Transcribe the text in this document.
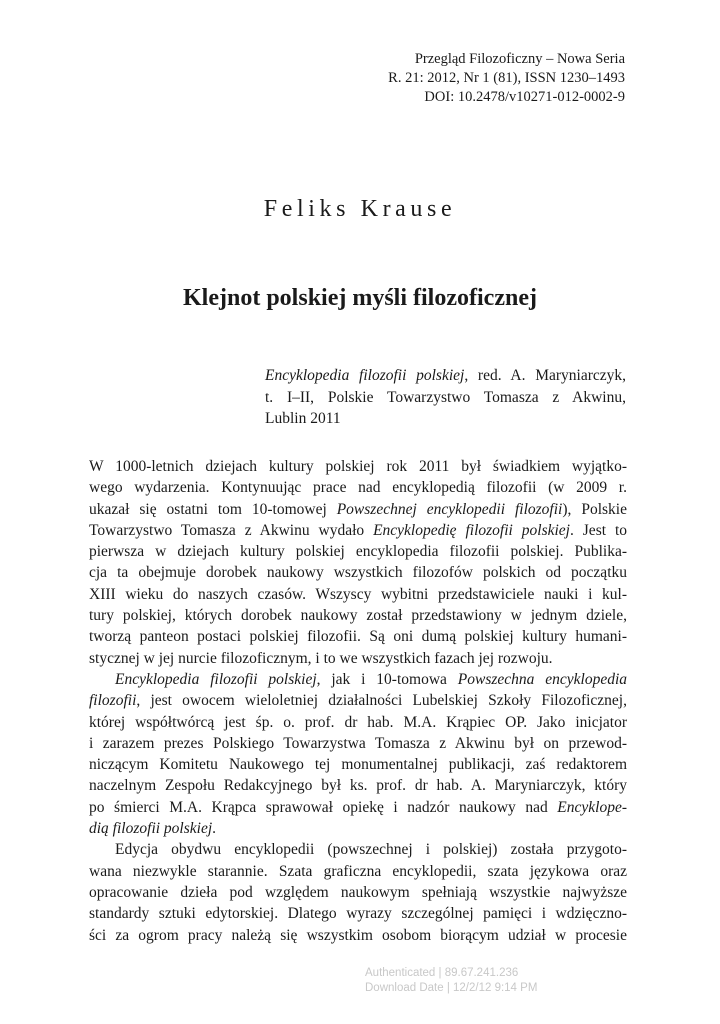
Przegląd Filozoficzny – Nowa Seria
R. 21: 2012, Nr 1 (81), ISSN 1230–1493
DOI: 10.2478/v10271-012-0002-9
Feliks Krause
Klejnot polskiej myśli filozoficznej
Encyklopedia filozofii polskiej, red. A. Maryniarczyk,
t. I–II, Polskie Towarzystwo Tomasza z Akwinu,
Lublin 2011
W 1000-letnich dziejach kultury polskiej rok 2011 był świadkiem wyjątko-
wego wydarzenia. Kontynuując prace nad encyklopedią filozofii (w 2009 r.
ukazał się ostatni tom 10-tomowej Powszechnej encyklopedii filozofii), Polskie
Towarzystwo Tomasza z Akwinu wydało Encyklopedię filozofii polskiej. Jest to
pierwsza w dziejach kultury polskiej encyklopedia filozofii polskiej. Publika-
cja ta obejmuje dorobek naukowy wszystkich filozofów polskich od początku
XIII wieku do naszych czasów. Wszyscy wybitni przedstawiciele nauki i kul-
tury polskiej, których dorobek naukowy został przedstawiony w jednym dziele,
tworzą panteon postaci polskiej filozofii. Są oni dumą polskiej kultury humani-
stycznej w jej nurcie filozoficznym, i to we wszystkich fazach jej rozwoju.
Encyklopedia filozofii polskiej, jak i 10-tomowa Powszechna encyklopedia
filozofii, jest owocem wieloletniej działalności Lubelskiej Szkoły Filozoficznej,
której współtwórcą jest śp. o. prof. dr hab. M.A. Krąpiec OP. Jako inicjator
i zarazem prezes Polskiego Towarzystwa Tomasza z Akwinu był on przewod-
niczącym Komitetu Naukowego tej monumentalnej publikacji, zaś redaktorem
naczelnym Zespołu Redakcyjnego był ks. prof. dr hab. A. Maryniarczyk, który
po śmierci M.A. Krąpca sprawował opiekę i nadzór naukowy nad Encyklope-
dią filozofii polskiej.
Edycja obydwu encyklopedii (powszechnej i polskiej) została przygoto-
wana niezwykle starannie. Szata graficzna encyklopedii, szata językowa oraz
opracowanie dzieła pod względem naukowym spełniają wszystkie najwyższe
standardy sztuki edytorskiej. Dlatego wyrazy szczególnej pamięci i wdzięczno-
ści za ogrom pracy należą się wszystkim osobom biorącym udział w procesie
Authenticated | 89.67.241.236
Download Date | 12/2/12 9:14 PM
